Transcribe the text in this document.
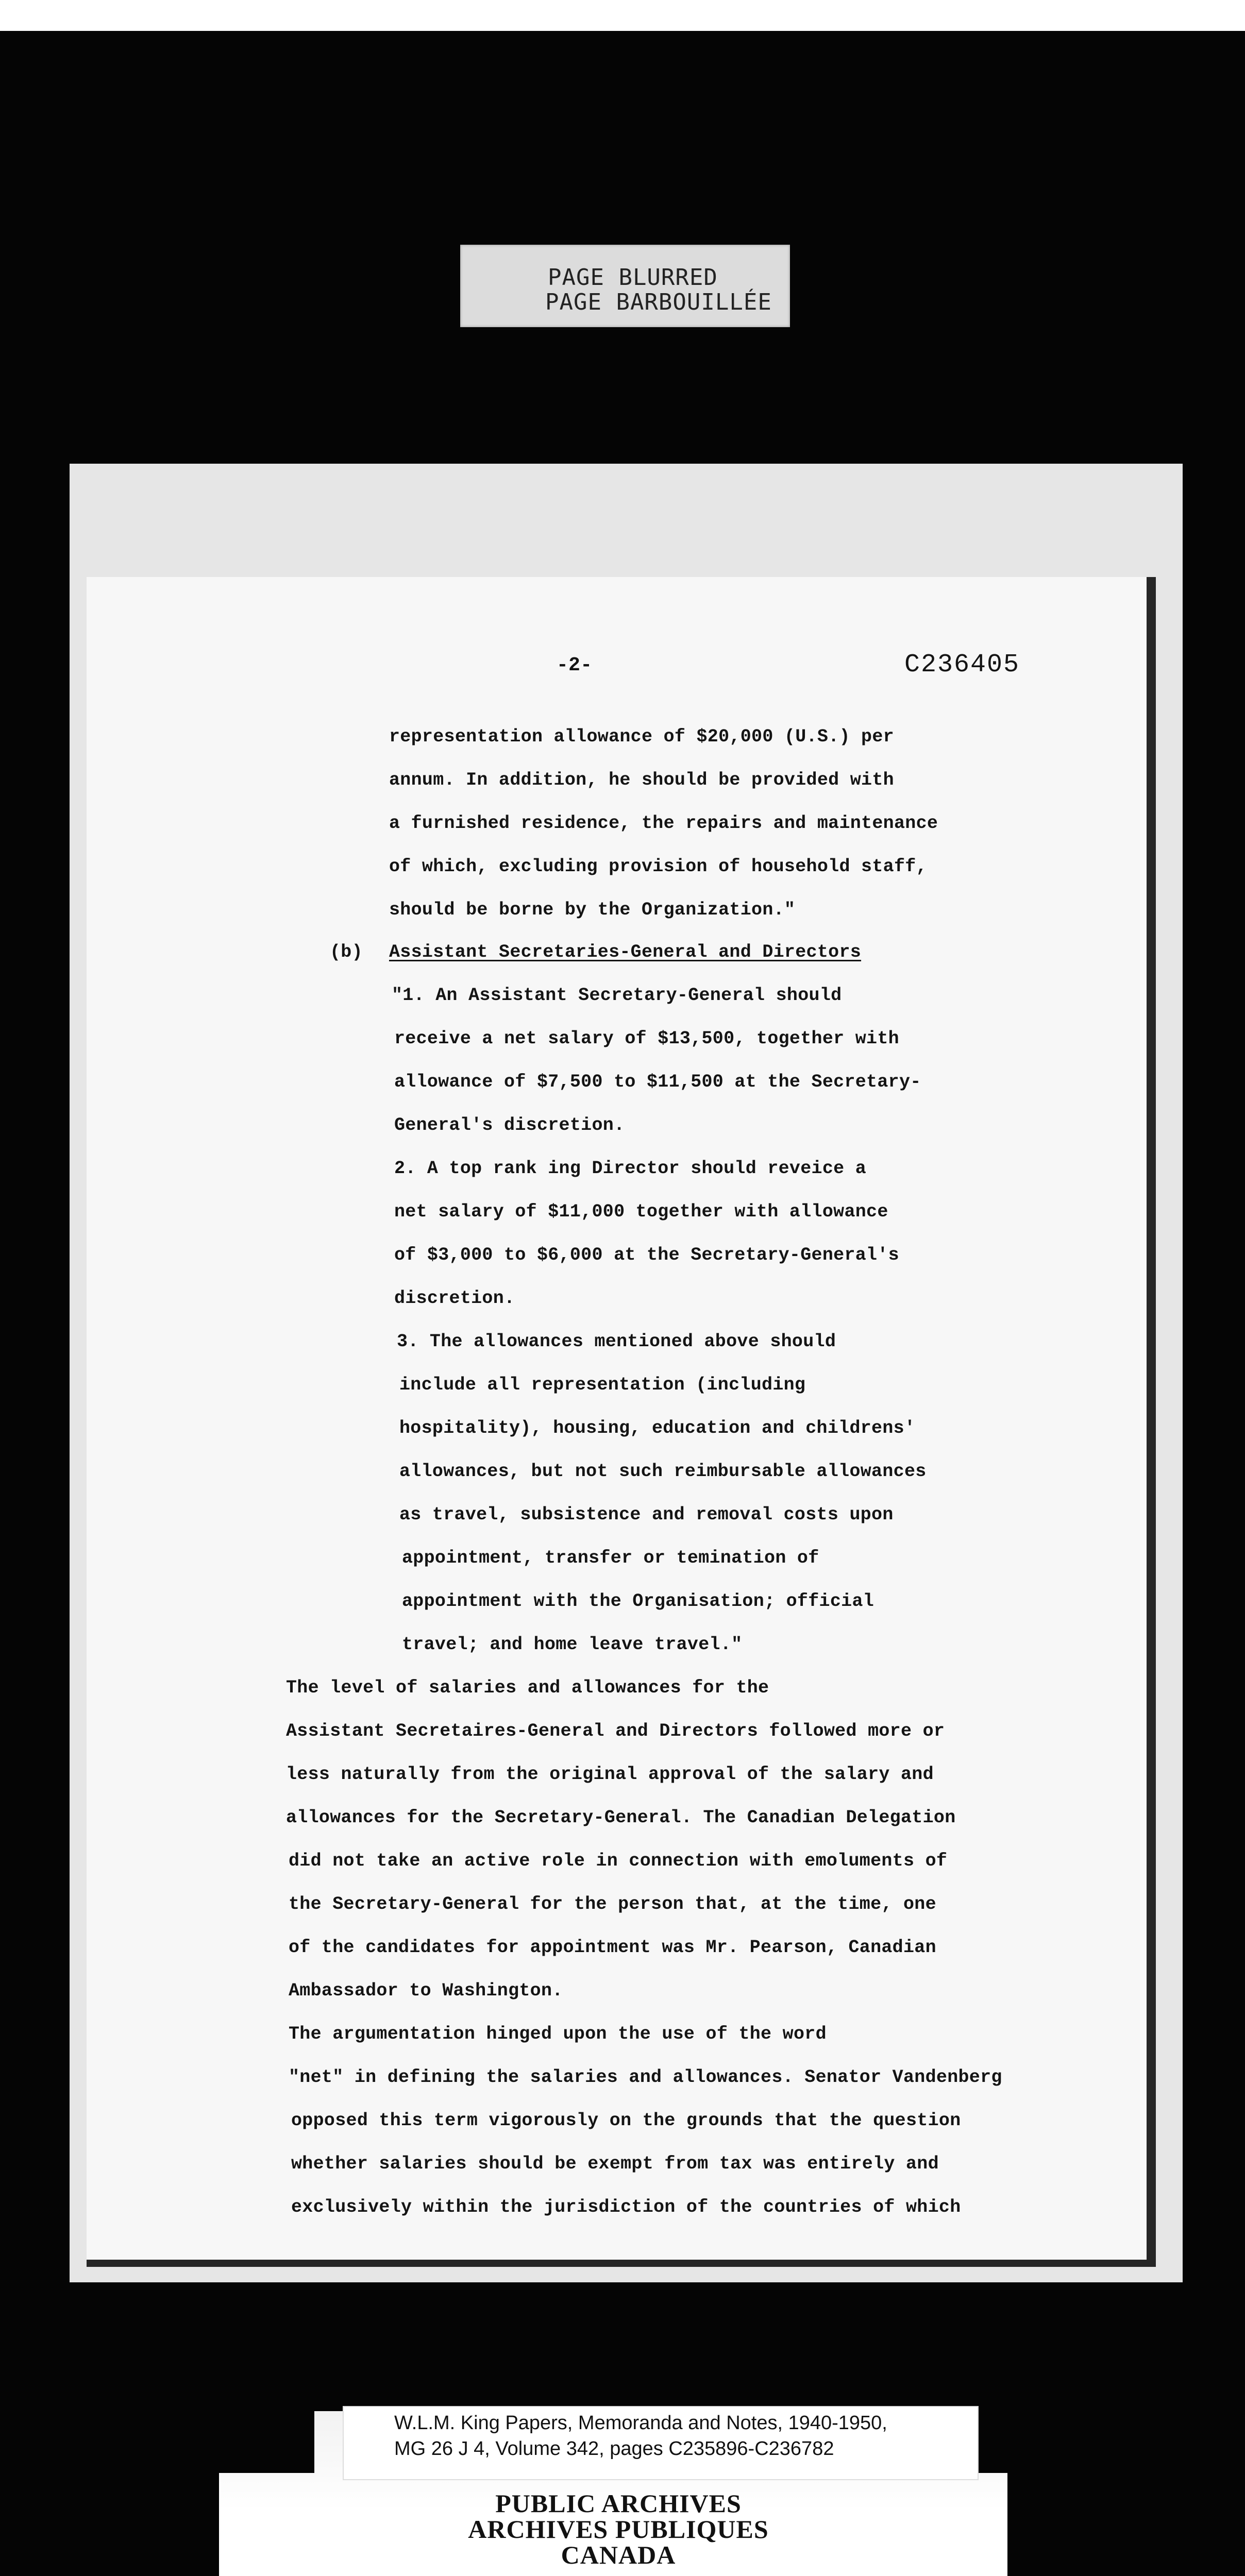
PAGE BLURRED
PAGE BARBOUILLÉE
-2-	C236405
representation allowance of $20,000 (U.S.) per
annum. In addition, he should be provided with
a furnished residence, the repairs and maintenance
of which, excluding provision of household staff,
should be borne by the Organization."
(b) Assistant Secretaries-General and Directors
"1. An Assistant Secretary-General should
receive a net salary of $13,500, together with
allowance of $7,500 to $11,500 at the Secretary-
General's discretion.
2. A top rank ing Director should reveice a
net salary of $11,000 together with allowance
of $3,000 to $6,000 at the Secretary-General's
discretion.
3. The allowances mentioned above should
include all representation (including
hospitality), housing, education and childrens'
allowances, but not such reimbursable allowances
as travel, subsistence and removal costs upon
appointment, transfer or temination of
appointment with the Organisation; official
travel; and home leave travel."
The level of salaries and allowances for the
Assistant Secretaires-General and Directors followed more or
less naturally from the original approval of the salary and
allowances for the Secretary-General. The Canadian Delegation
did not take an active role in connection with emoluments of
the Secretary-General for the person that, at the time, one
of the candidates for appointment was Mr. Pearson, Canadian
Ambassador to Washington.
The argumentation hinged upon the use of the word
"net" in defining the salaries and allowances. Senator Vandenberg
opposed this term vigorously on the grounds that the question
whether salaries should be exempt from tax was entirely and
exclusively within the jurisdiction of the countries of which
W.L.M. King Papers, Memoranda and Notes, 1940-1950,
MG 26 J 4, Volume 342, pages C235896-C236782
PUBLIC ARCHIVES
ARCHIVES PUBLIQUES
CANADA
